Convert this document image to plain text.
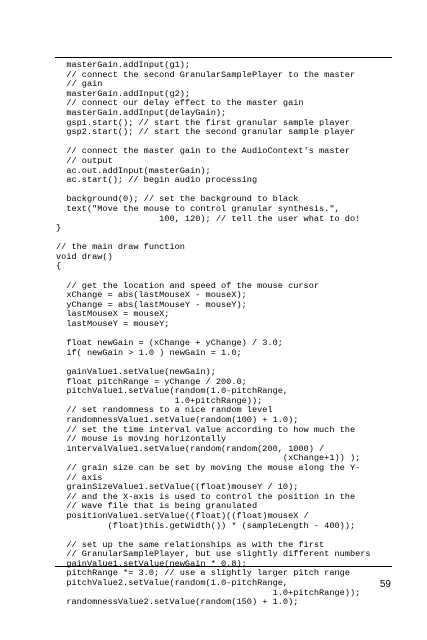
masterGain.addInput(g1);
// connect the second GranularSamplePlayer to the master
// gain
masterGain.addInput(g2);
// connect our delay effect to the master gain
masterGain.addInput(delayGain);
gsp1.start(); // start the first granular sample player
gsp2.start(); // start the second granular sample player
// connect the master gain to the AudioContext's master
// output
ac.out.addInput(masterGain);
ac.start(); // begin audio processing
background(0); // set the background to black
text("Move the mouse to control granular synthesis.",
100, 120); // tell the user what to do!
}
// the main draw function
void draw()
{
// get the location and speed of the mouse cursor
xChange = abs(lastMouseX - mouseX);
yChange = abs(lastMouseY - mouseY);
lastMouseX = mouseX;
lastMouseY = mouseY;
float newGain = (xChange + yChange) / 3.0;
if( newGain > 1.0 ) newGain = 1.0;
gainValue1.setValue(newGain);
float pitchRange = yChange / 200.0;
pitchValue1.setValue(random(1.0-pitchRange,
1.0+pitchRange));
// set randomness to a nice random level
randomnessValue1.setValue(random(100) + 1.0);
// set the time interval value according to how much the
// mouse is moving horizontally
intervalValue1.setValue(random(random(200, 1000) /
(xChange+1)) );
// grain size can be set by moving the mouse along the Y-
// axis
grainSizeValue1.setValue((float)mouseY / 10);
// and the X-axis is used to control the position in the
// wave file that is being granulated
positionValue1.setValue((float)((float)mouseX /
(float)this.getWidth()) * (sampleLength - 400));
// set up the same relationships as with the first
// GranularSamplePlayer, but use slightly different numbers
gainValue1.setValue(newGain * 0.8);
pitchRange *= 3.0; // use a slightly larger pitch range
pitchValue2.setValue(random(1.0-pitchRange,
1.0+pitchRange));
randomnessValue2.setValue(random(150) + 1.0);
59
